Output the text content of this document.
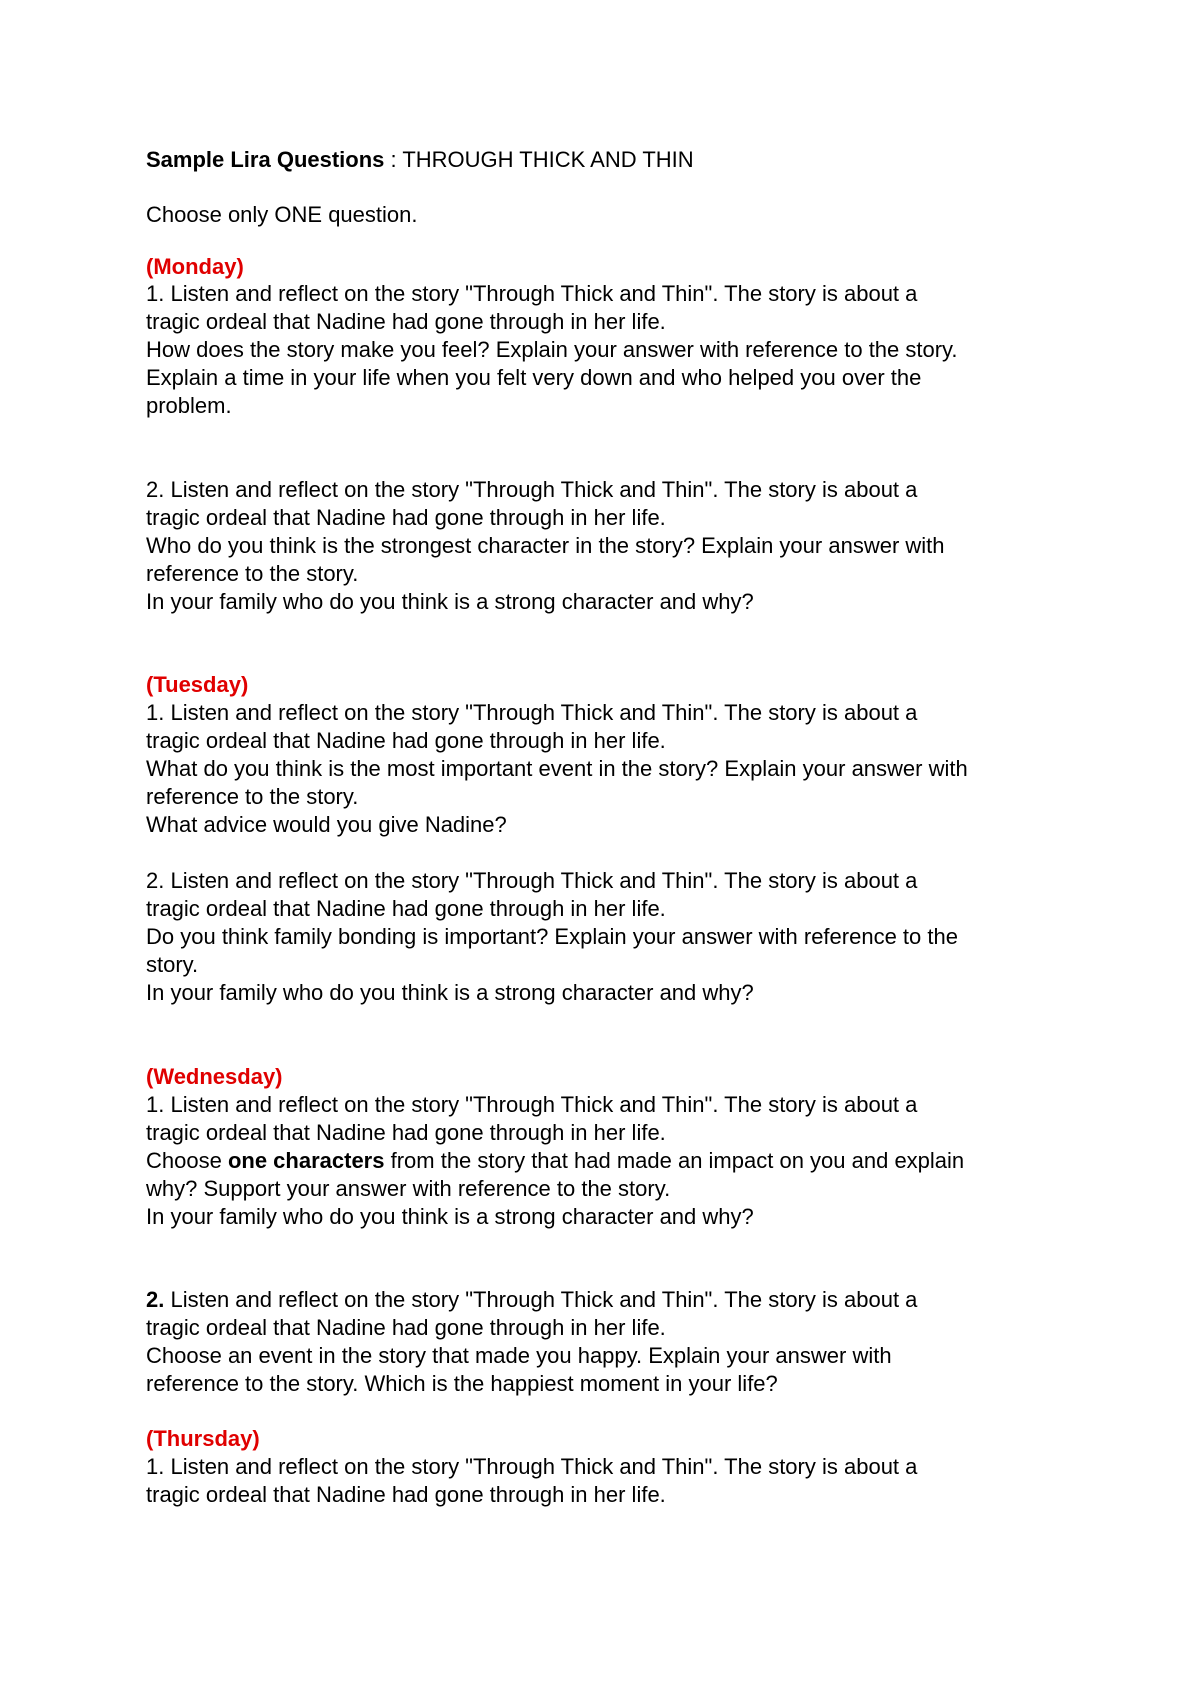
Sample Lira Questions : THROUGH THICK AND THIN
Choose only ONE question.
(Monday)
1. Listen and reflect on the story "Through Thick and Thin". The story is about a
tragic ordeal that Nadine had gone through in her life.
How does the story make you feel? Explain your answer with reference to the story.
Explain a time in your life when you felt very down and who helped you over the
problem.
2. Listen and reflect on the story "Through Thick and Thin". The story is about a
tragic ordeal that Nadine had gone through in her life.
Who do you think is the strongest character in the story? Explain your answer with
reference to the story.
In your family who do you think is a strong character and why?
(Tuesday)
1. Listen and reflect on the story "Through Thick and Thin". The story is about a
tragic ordeal that Nadine had gone through in her life.
What do you think is the most important event in the story? Explain your answer with
reference to the story.
What advice would you give Nadine?
2. Listen and reflect on the story "Through Thick and Thin". The story is about a
tragic ordeal that Nadine had gone through in her life.
Do you think family bonding is important? Explain your answer with reference to the
story.
In your family who do you think is a strong character and why?
(Wednesday)
1. Listen and reflect on the story "Through Thick and Thin". The story is about a
tragic ordeal that Nadine had gone through in her life.
Choose one characters from the story that had made an impact on you and explain
why? Support your answer with reference to the story.
In your family who do you think is a strong character and why?
2. Listen and reflect on the story "Through Thick and Thin". The story is about a
tragic ordeal that Nadine had gone through in her life.
Choose an event in the story that made you happy. Explain your answer with
reference to the story. Which is the happiest moment in your life?
(Thursday)
1. Listen and reflect on the story "Through Thick and Thin". The story is about a
tragic ordeal that Nadine had gone through in her life.
